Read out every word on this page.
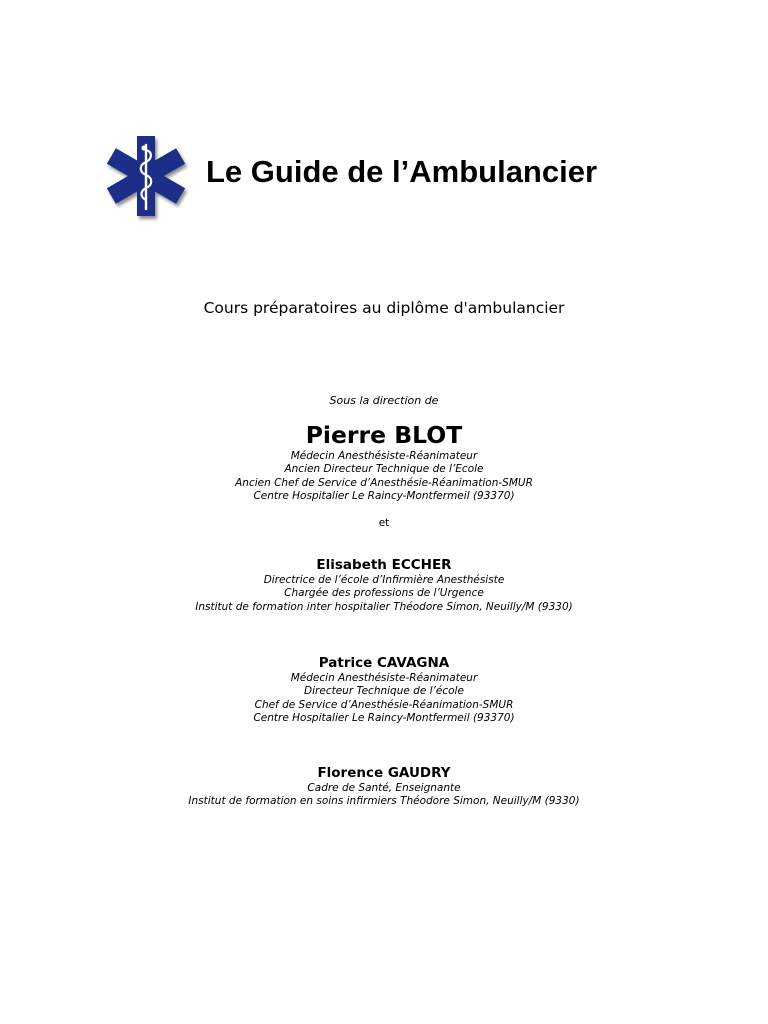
Le Guide de l’Ambulancier
Cours préparatoires au diplôme d'ambulancier
Sous la direction de
Pierre BLOT
Médecin Anesthésiste-Réanimateur
Ancien Directeur Technique de l’Ecole
Ancien Chef de Service d’Anesthésie-Réanimation-SMUR
Centre Hospitalier Le Raincy-Montfermeil (93370)
et
Elisabeth ECCHER
Directrice de l’école d’Infirmière Anesthésiste
Chargée des professions de l’Urgence
Institut de formation inter hospitalier Théodore Simon, Neuilly/M (9330)
Patrice CAVAGNA
Médecin Anesthésiste-Réanimateur
Directeur Technique de l’école
Chef de Service d’Anesthésie-Réanimation-SMUR
Centre Hospitalier Le Raincy-Montfermeil (93370)
Florence GAUDRY
Cadre de Santé, Enseignante
Institut de formation en soins infirmiers Théodore Simon, Neuilly/M (9330)
